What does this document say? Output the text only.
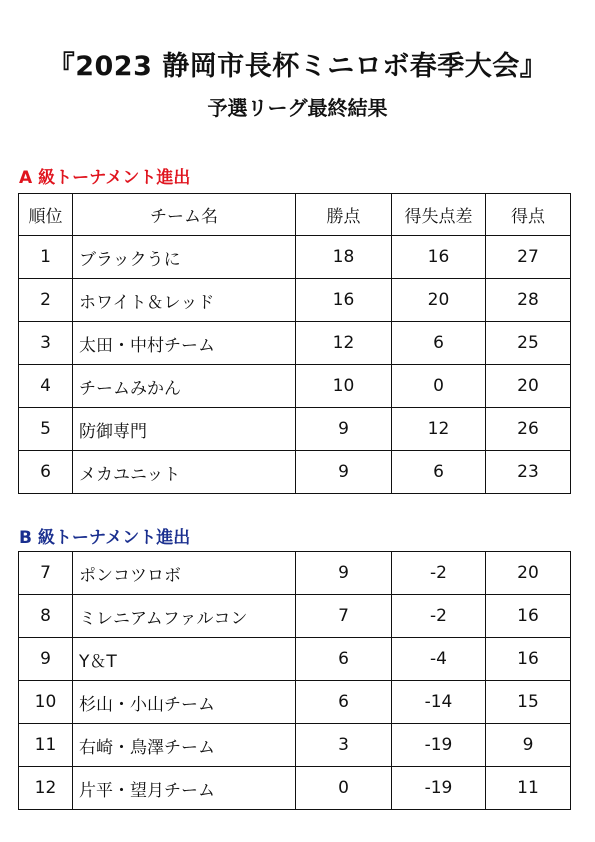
『2023 静岡市長杯ミニロボ春季大会』
予選リーグ最終結果
A 級トーナメント進出
順位	チーム名	勝点	得失点差	得点
1	ブラックうに	18	16	27
2	ホワイト＆レッド	16	20	28
3	太田・中村チーム	12	6	25
4	チームみかん	10	0	20
5	防御専門	9	12	26
6	メカユニット	9	6	23
B 級トーナメント進出
7	ポンコツロボ	9	-2	20
8	ミレニアムファルコン	7	-2	16
9	Y＆T	6	-4	16
10	杉山・小山チーム	6	-14	15
11	右崎・鳥澤チーム	3	-19	9
12	片平・望月チーム	0	-19	11
